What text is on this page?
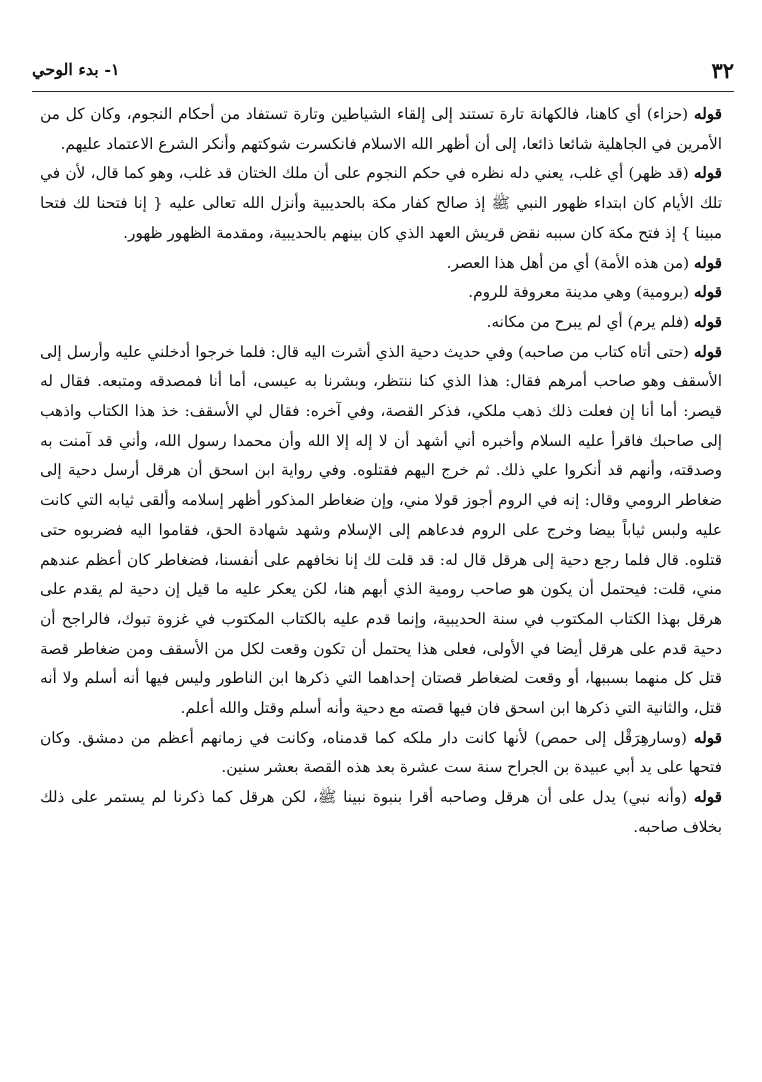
٣٢
١- بدء الوحي

قوله (حزاء) أي كاهنا، فالكهانة تارة تستند إلى إلقاء الشياطين وتارة تستفاد من أحكام النجوم، وكان كل من الأمرين في الجاهلية شائعا ذائعا، إلى أن أظهر الله الاسلام فانكسرت شوكتهم وأنكر الشرع الاعتماد عليهم.

قوله (قد ظهر) أي غلب، يعني دله نظره في حكم النجوم على أن ملك الختان قد غلب، وهو كما قال، لأن في تلك الأيام كان ابتداء ظهور النبي ﷺ إذ صالح كفار مكة بالحديبية وأنزل الله تعالى عليه { إنا فتحنا لك فتحا مبينا } إذ فتح مكة كان سببه نقض قريش العهد الذي كان بينهم بالحديبية، ومقدمة الظهور ظهور.

قوله (من هذه الأمة) أي من أهل هذا العصر.

قوله (برومية) وهي مدينة معروفة للروم.

قوله (فلم يرم) أي لم يبرح من مكانه.

قوله (حتى أتاه كتاب من صاحبه) وفي حديث دحية الذي أشرت اليه قال: فلما خرجوا أدخلني عليه وأرسل إلى الأسقف وهو صاحب أمرهم فقال: هذا الذي كنا ننتظر، وبشرنا به عيسى، أما أنا فمصدقه ومتبعه. فقال له قيصر: أما أنا إن فعلت ذلك ذهب ملكي، فذكر القصة، وفي آخره: فقال لي الأسقف: خذ هذا الكتاب واذهب إلى صاحبك فاقرأ عليه السلام وأخبره أني أشهد أن لا إله إلا الله وأن محمدا رسول الله، وأني قد آمنت به وصدقته، وأنهم قد أنكروا علي ذلك. ثم خرج اليهم فقتلوه. وفي رواية ابن اسحق أن هرقل أرسل دحية إلى ضغاطر الرومي وقال: إنه في الروم أجوز قولا مني، وإن ضغاطر المذكور أظهر إسلامه وألقى ثيابه التي كانت عليه ولبس ثياباً بيضا وخرج على الروم فدعاهم إلى الإسلام وشهد شهادة الحق، فقاموا اليه فضربوه حتى قتلوه. قال فلما رجع دحية إلى هرقل قال له: قد قلت لك إنا نخافهم على أنفسنا، فضغاطر كان أعظم عندهم مني، قلت: فيحتمل أن يكون هو صاحب رومية الذي أبهم هنا، لكن يعكر عليه ما قيل إن دحية لم يقدم على هرقل بهذا الكتاب المكتوب في سنة الحديبية، وإنما قدم عليه بالكتاب المكتوب في غزوة تبوك، فالراجح أن دحية قدم على هرقل أيضا في الأولى، فعلى هذا يحتمل أن تكون وقعت لكل من الأسقف ومن ضغاطر قصة قتل كل منهما بسببها، أو وقعت لضغاطر قصتان إحداهما التي ذكرها ابن الناطور وليس فيها أنه أسلم ولا أنه قتل، والثانية التي ذكرها ابن اسحق فان فيها قصته مع دحية وأنه أسلم وقتل والله أعلم.

قوله (وسارهِرَقْل إلى حمص) لأنها كانت دار ملكه كما قدمناه، وكانت في زمانهم أعظم من دمشق. وكان فتحها على يد أبي عبيدة بن الجراح سنة ست عشرة بعد هذه القصة بعشر سنين.

قوله (وأنه نبي) يدل على أن هرقل وصاحبه أقرا بنبوة نبينا ﷺ، لكن هرقل كما ذكرنا لم يستمر على ذلك بخلاف صاحبه.
